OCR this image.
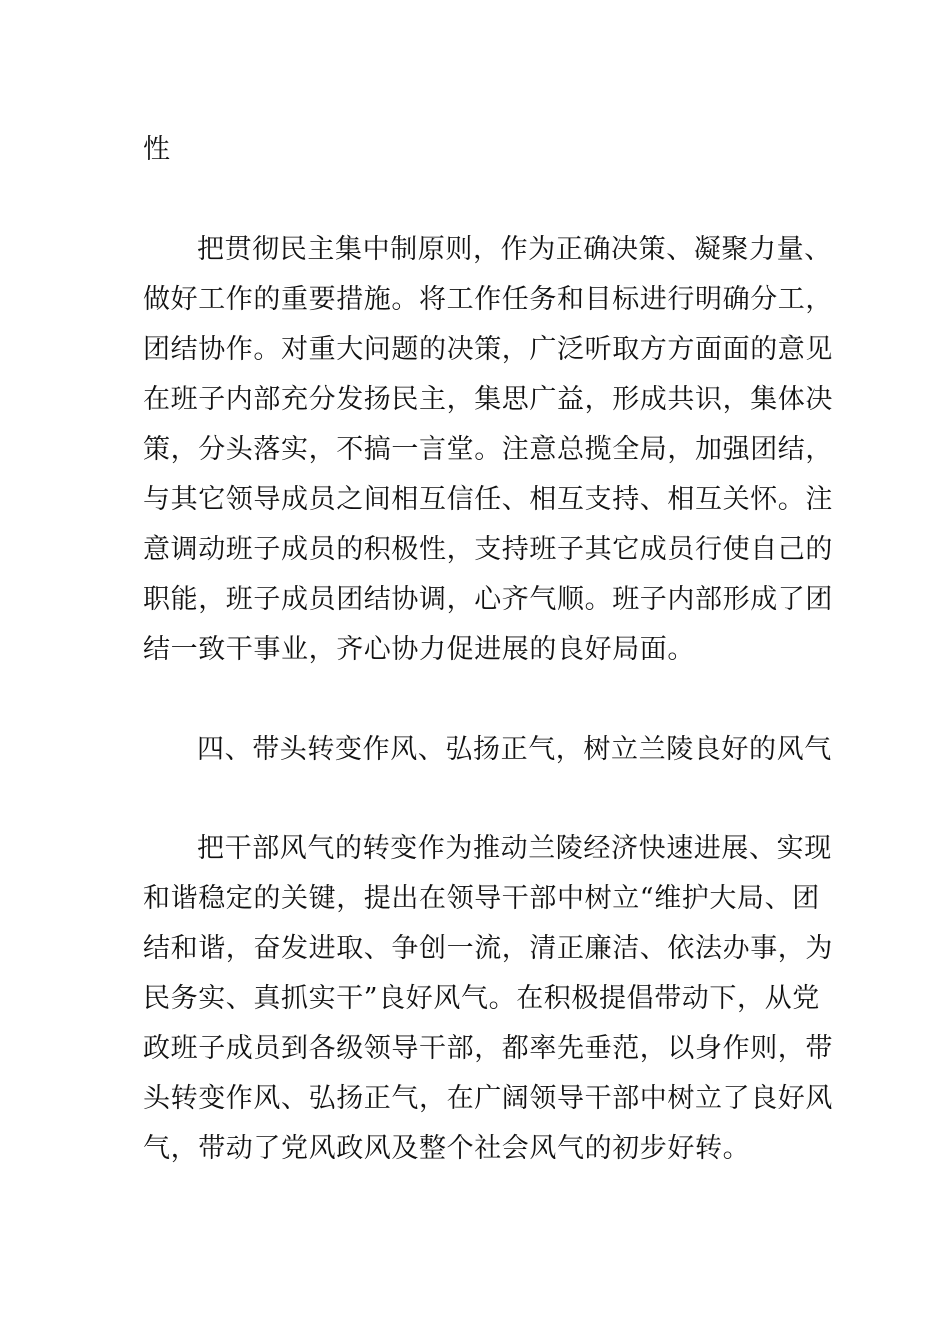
性
把贯彻民主集中制原则，作为正确决策、凝聚力量、
做好工作的重要措施。将工作任务和目标进行明确分工，
团结协作。对重大问题的决策，广泛听取方方面面的意见
在班子内部充分发扬民主，集思广益，形成共识，集体决
策，分头落实，不搞一言堂。注意总揽全局，加强团结，
与其它领导成员之间相互信任、相互支持、相互关怀。注
意调动班子成员的积极性，支持班子其它成员行使自己的
职能，班子成员团结协调，心齐气顺。班子内部形成了团
结一致干事业，齐心协力促进展的良好局面。
四、带头转变作风、弘扬正气，树立兰陵良好的风气
把干部风气的转变作为推动兰陵经济快速进展、实现
和谐稳定的关键，提出在领导干部中树立“维护大局、团
结和谐，奋发进取、争创一流，清正廉洁、依法办事，为
民务实、真抓实干”良好风气。在积极提倡带动下，从党
政班子成员到各级领导干部，都率先垂范，以身作则，带
头转变作风、弘扬正气，在广阔领导干部中树立了良好风
气，带动了党风政风及整个社会风气的初步好转。
